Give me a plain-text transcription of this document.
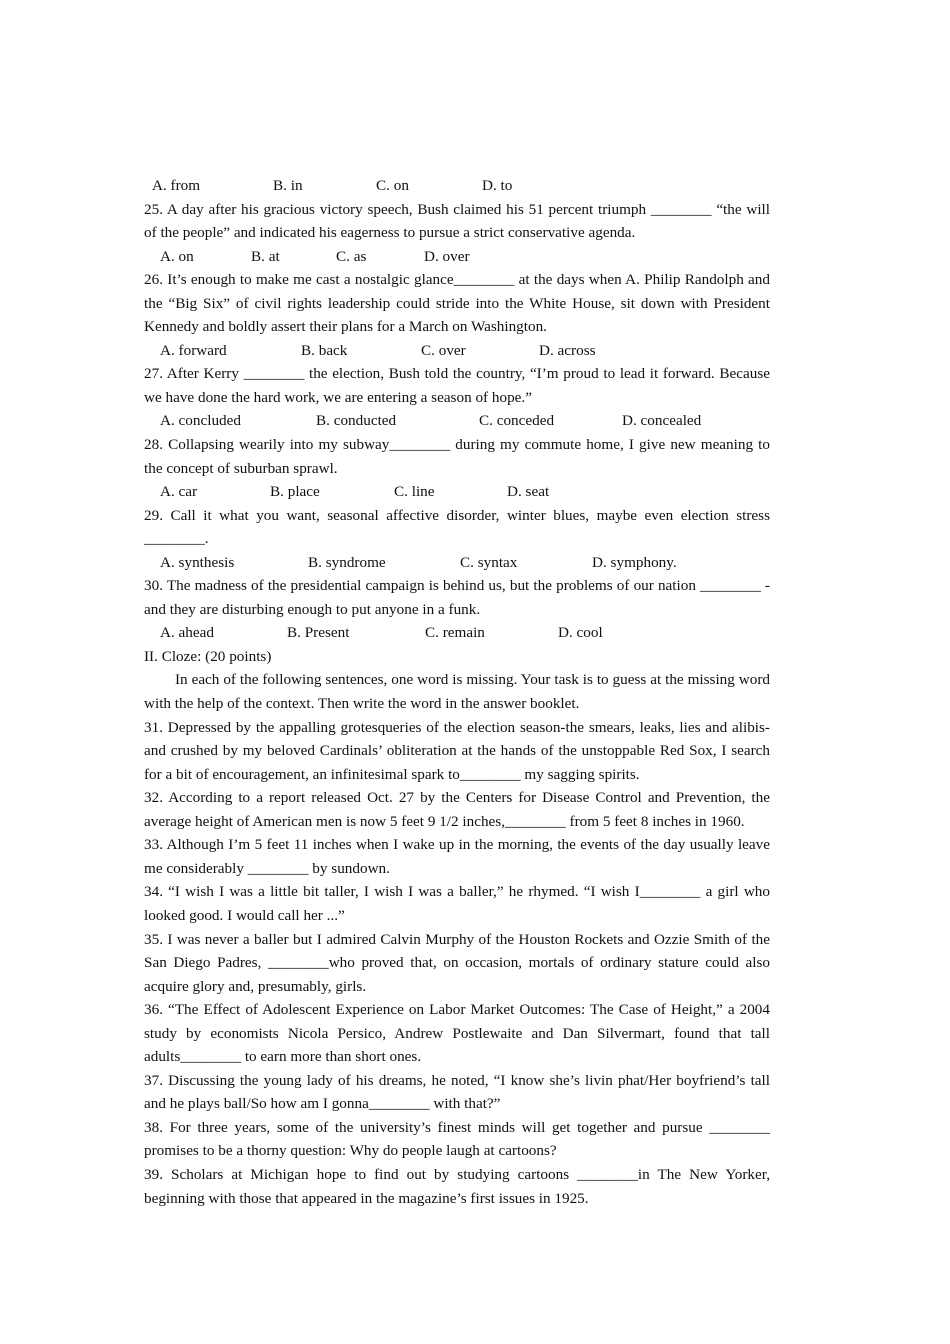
A. from	B. in	C. on	D. to

25. A day after his gracious victory speech, Bush claimed his 51 percent triumph ________ “the will of the people” and indicated his eagerness to pursue a strict conservative agenda.

A. on	B. at	C. as	D. over

26. It’s enough to make me cast a nostalgic glance________ at the days when A. Philip Randolph and the “Big Six” of civil rights leadership could stride into the White House, sit down with President Kennedy and boldly assert their plans for a March on Washington.

A. forward	B. back	C. over	D. across

27. After Kerry ________ the election, Bush told the country, “I’m proud to lead it forward. Because we have done the hard work, we are entering a season of hope.”

A. concluded	B. conducted	C. conceded	D. concealed

28. Collapsing wearily into my subway________ during my commute home, I give new meaning to the concept of suburban sprawl.

A. car	B. place	C. line	D. seat

29. Call it what you want, seasonal affective disorder, winter blues, maybe even election stress ________.

A. synthesis	B. syndrome	C. syntax	D. symphony.

30. The madness of the presidential campaign is behind us, but the problems of our nation ________ -and they are disturbing enough to put anyone in a funk.

A. ahead	B. Present	C. remain	D. cool

II. Cloze: (20 points)

In each of the following sentences, one word is missing. Your task is to guess at the missing word with the help of the context. Then write the word in the answer booklet.

31. Depressed by the appalling grotesqueries of the election season-the smears, leaks, lies and alibis-and crushed by my beloved Cardinals’ obliteration at the hands of the unstoppable Red Sox, I search for a bit of encouragement, an infinitesimal spark to________ my sagging spirits.

32. According to a report released Oct. 27 by the Centers for Disease Control and Prevention, the average height of American men is now 5 feet 9 1/2 inches,________ from 5 feet 8 inches in 1960.

33. Although I’m 5 feet 11 inches when I wake up in the morning, the events of the day usually leave me considerably ________ by sundown.

34. “I wish I was a little bit taller, I wish I was a baller,” he rhymed. “I wish I________ a girl who looked good. I would call her ...”

35. I was never a baller but I admired Calvin Murphy of the Houston Rockets and Ozzie Smith of the San Diego Padres, ________who proved that, on occasion, mortals of ordinary stature could also acquire glory and, presumably, girls.

36. “The Effect of Adolescent Experience on Labor Market Outcomes: The Case of Height,” a 2004 study by economists Nicola Persico, Andrew Postlewaite and Dan Silvermart, found that tall adults________ to earn more than short ones.

37. Discussing the young lady of his dreams, he noted, “I know she’s livin phat/Her boyfriend’s tall and he plays ball/So how am I gonna________ with that?”

38. For three years, some of the university’s finest minds will get together and pursue ________ promises to be a thorny question: Why do people laugh at cartoons?

39. Scholars at Michigan hope to find out by studying cartoons ________in The New Yorker, beginning with those that appeared in the magazine’s first issues in 1925.
